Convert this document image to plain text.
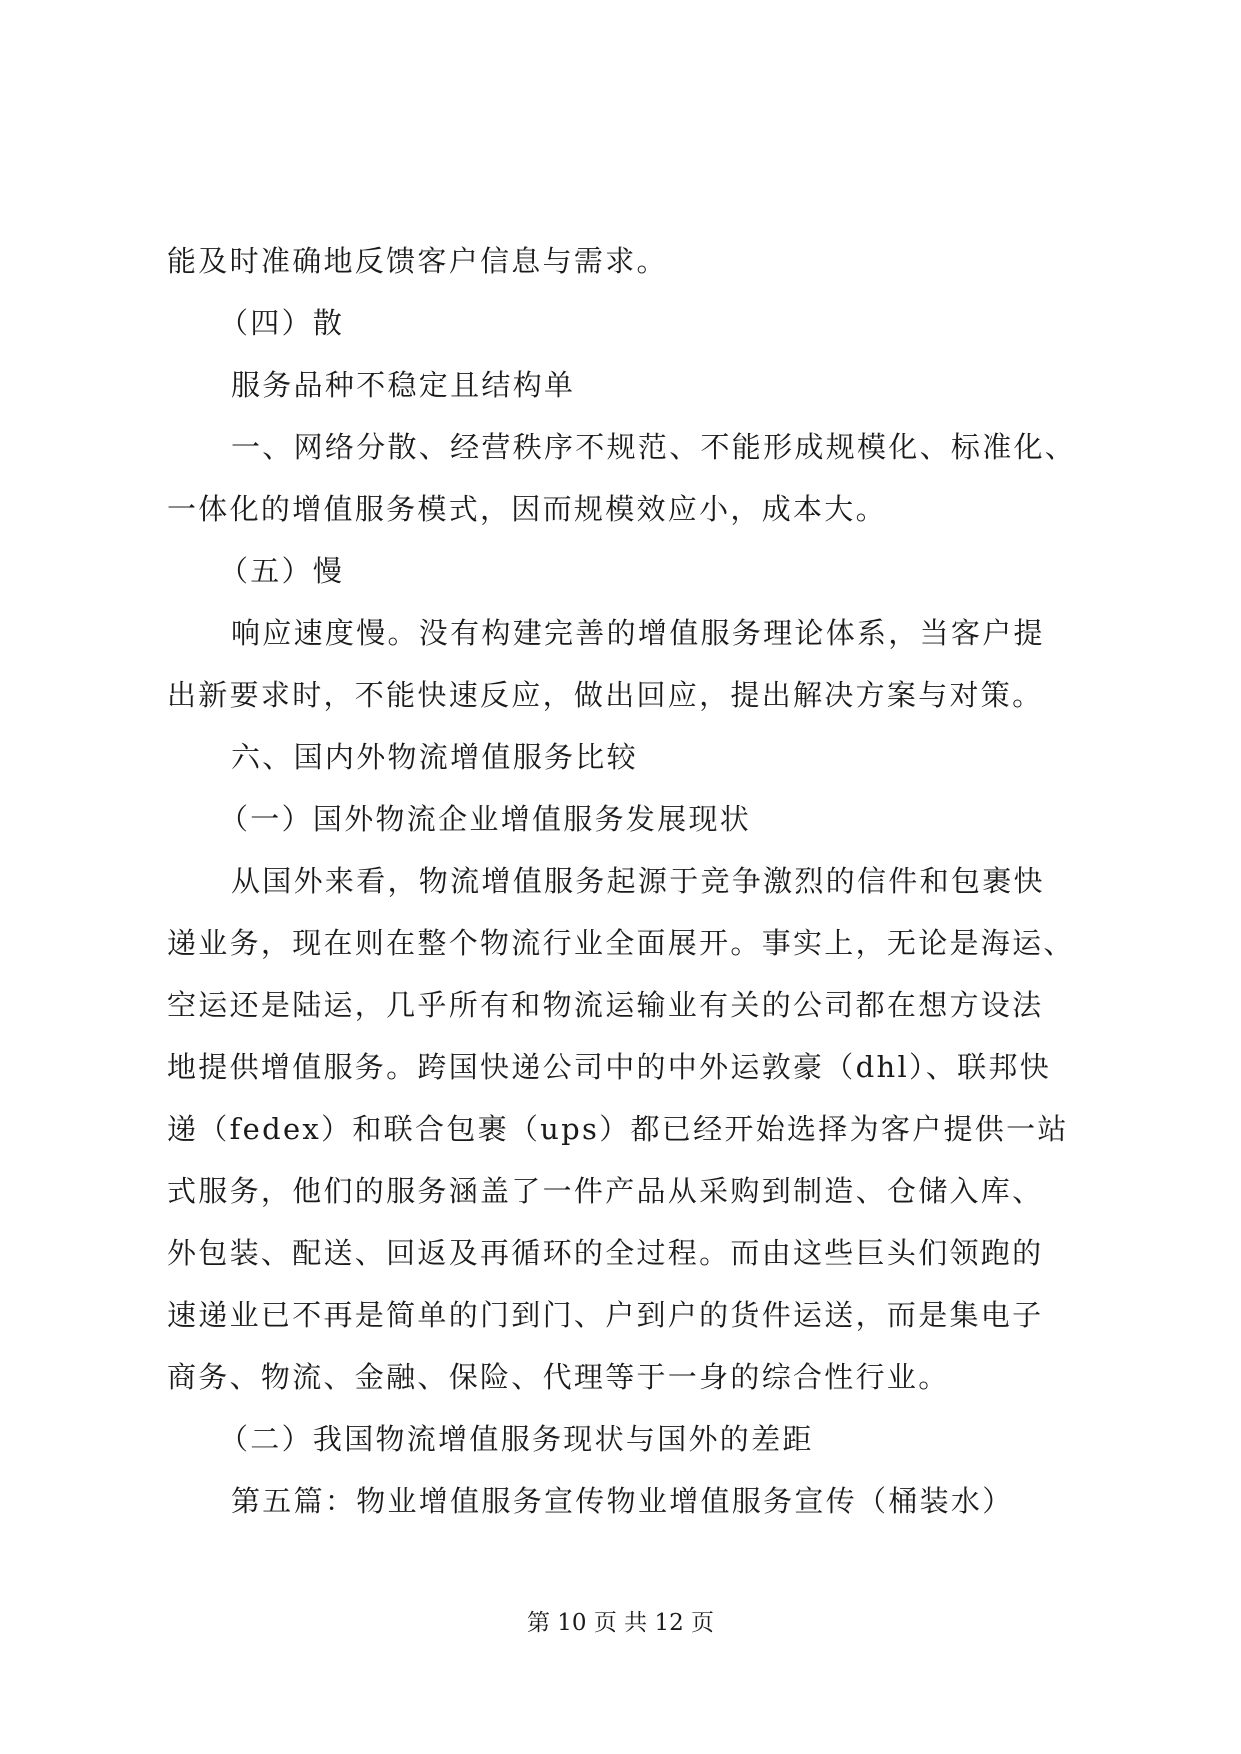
能及时准确地反馈客户信息与需求。

（四）散

服务品种不稳定且结构单

一、网络分散、经营秩序不规范、不能形成规模化、标准化、

一体化的增值服务模式，因而规模效应小，成本大。

（五）慢

响应速度慢。没有构建完善的增值服务理论体系，当客户提

出新要求时，不能快速反应，做出回应，提出解决方案与对策。

六、国内外物流增值服务比较

（一）国外物流企业增值服务发展现状

从国外来看，物流增值服务起源于竞争激烈的信件和包裹快

递业务，现在则在整个物流行业全面展开。事实上，无论是海运、

空运还是陆运，几乎所有和物流运输业有关的公司都在想方设法

地提供增值服务。跨国快递公司中的中外运敦豪（dhl）、联邦快

递（fedex）和联合包裹（ups）都已经开始选择为客户提供一站

式服务，他们的服务涵盖了一件产品从采购到制造、仓储入库、

外包装、配送、回返及再循环的全过程。而由这些巨头们领跑的

速递业已不再是简单的门到门、户到户的货件运送，而是集电子

商务、物流、金融、保险、代理等于一身的综合性行业。

（二）我国物流增值服务现状与国外的差距

第五篇：物业增值服务宣传物业增值服务宣传（桶装水）

第 10 页 共 12 页
